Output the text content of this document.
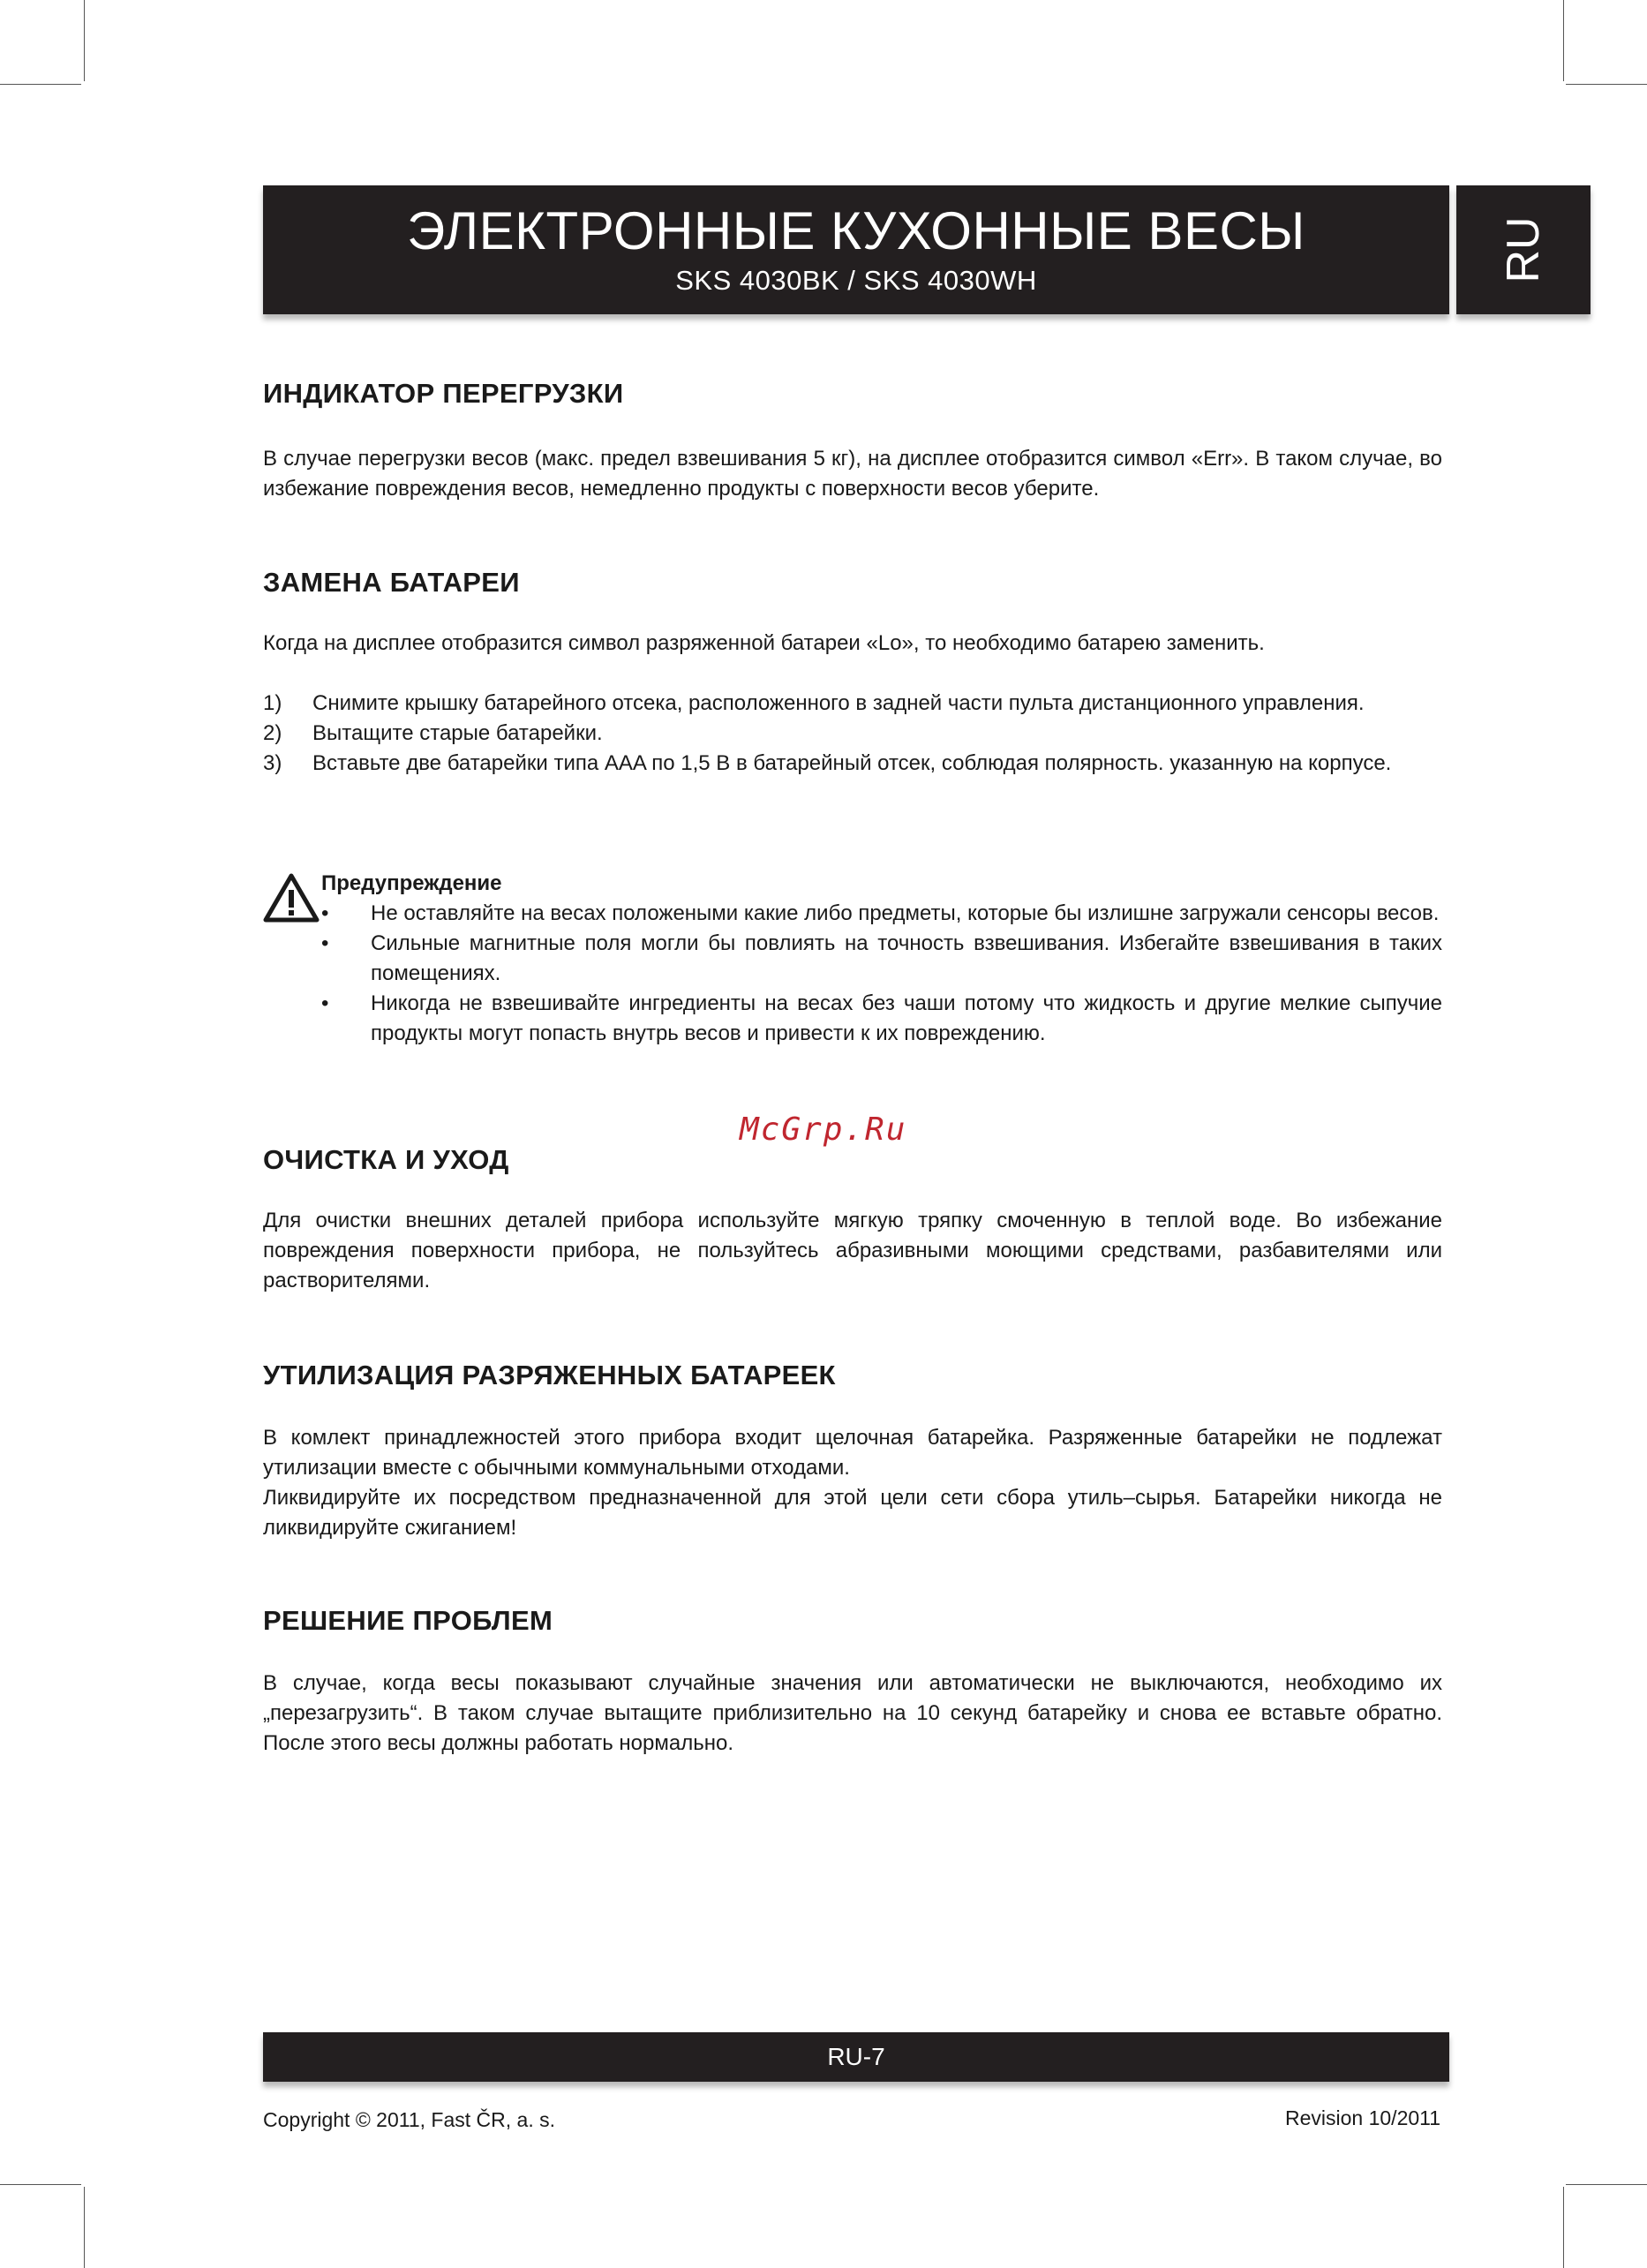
ЭЛЕКТРОННЫЕ КУХОННЫЕ ВЕСЫ
SKS 4030BK / SKS 4030WH	RU
ИНДИКАТОР ПЕРЕГРУЗКИ

В случае перегрузки весов (макс. предел взвешивания 5 кг), на дисплее отобразится символ «Err». В таком случае, во избежание повреждения весов, немедленно продукты с поверхности весов уберите.

ЗАМЕНА БАТАРЕИ

Когда на дисплее отобразится символ разряженной батареи «Lo», то необходимо батарею заменить.

1) Снимите крышку батарейного отсека, расположенного в задней части пульта дистанционного управления.
2) Вытащите старые батарейки.
3) Вставьте две батарейки типа AAA по 1,5 В в батарейный отсек, соблюдая полярность. указанную на корпусе.
Предупреждение
• Не оставляйте на весах положеными какие либо предметы, которые бы излишне загружали сенсоры весов.
• Сильные магнитные поля могли бы повлиять на точность взвешивания. Избегайте взвешивания в таких помещениях.
• Никогда не взвешивайте ингредиенты на весах без чаши потому что жидкость и другие мелкие сыпучие продукты могут попасть внутрь весов и привести к их повреждению.
McGrp.Ru
ОЧИСТКА И УХОД

Для очистки внешних деталей прибора используйте мягкую тряпку смоченную в теплой воде. Во избежание повреждения поверхности прибора, не пользуйтесь абразивными моющими средствами, разбавителями или растворителями.

УТИЛИЗАЦИЯ РАЗРЯЖЕННЫХ БАТАРЕЕК

В комлект принадлежностей этого прибора входит щелочная батарейка. Разряженные батарейки не подлежат утилизации вместе с обычными коммунальными отходами.

Ликвидируйте их посредством предназначенной для этой цели сети сбора утиль–сырья. Батарейки никогда не ликвидируйте сжиганием!

РЕШЕНИЕ ПРОБЛЕМ

В случае, когда весы показывают случайные значения или автоматически не выключаются, необходимо их „перезагрузить“. В таком случае вытащите приблизительно на 10 секунд батарейку и снова ее вставьте обратно. После этого весы должны работать нормально.

RU-7
Copyright © 2011, Fast ČR, a. s.	Revision 10/2011
